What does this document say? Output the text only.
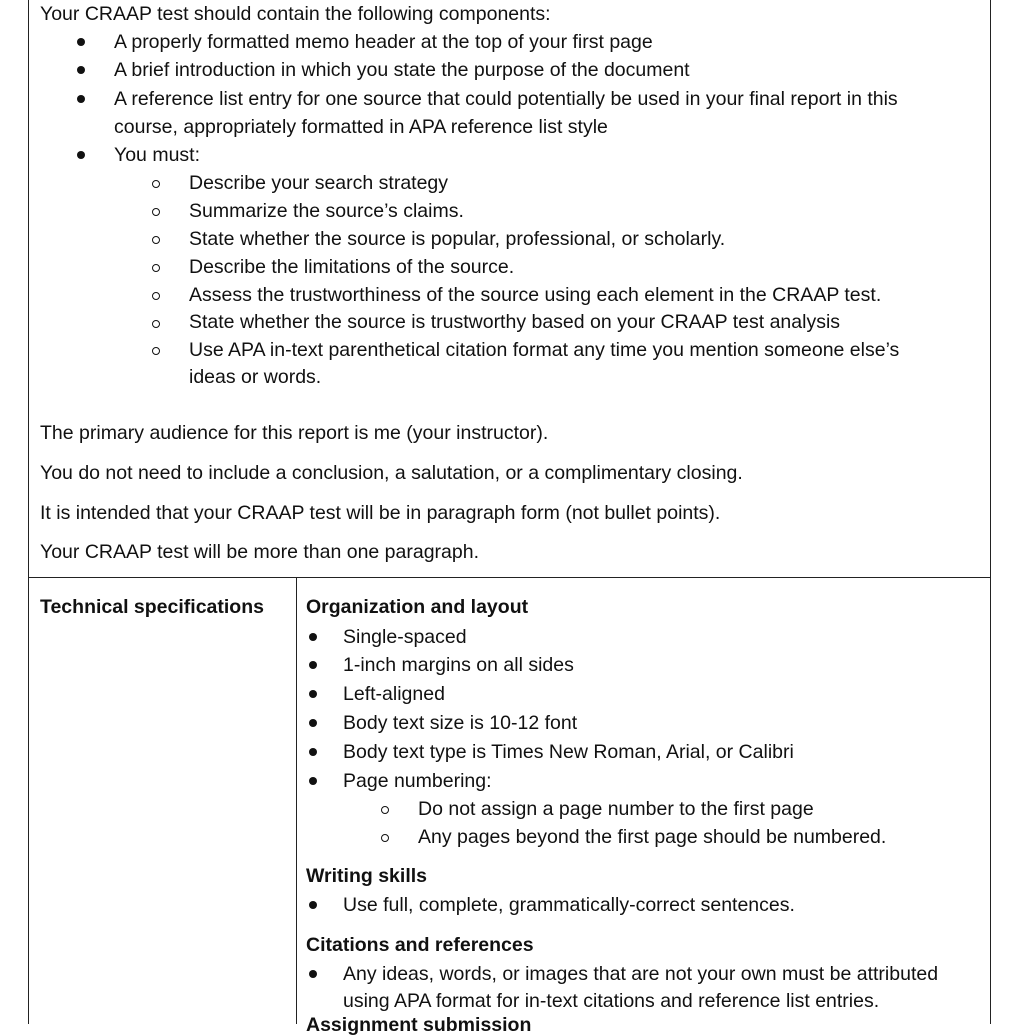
Your CRAAP test should contain the following components:
A properly formatted memo header at the top of your first page
A brief introduction in which you state the purpose of the document
A reference list entry for one source that could potentially be used in your final report in this
course, appropriately formatted in APA reference list style
You must:
Describe your search strategy
Summarize the source’s claims.
State whether the source is popular, professional, or scholarly.
Describe the limitations of the source.
Assess the trustworthiness of the source using each element in the CRAAP test.
State whether the source is trustworthy based on your CRAAP test analysis
Use APA in-text parenthetical citation format any time you mention someone else’s
ideas or words.
The primary audience for this report is me (your instructor).
You do not need to include a conclusion, a salutation, or a complimentary closing.
It is intended that your CRAAP test will be in paragraph form (not bullet points).
Your CRAAP test will be more than one paragraph.
Technical specifications Organization and layout
Single-spaced
1-inch margins on all sides
Left-aligned
Body text size is 10-12 font
Body text type is Times New Roman, Arial, or Calibri
Page numbering:
Do not assign a page number to the first page
Any pages beyond the first page should be numbered.
Writing skills
Use full, complete, grammatically-correct sentences.
Citations and references
Any ideas, words, or images that are not your own must be attributed
using APA format for in-text citations and reference list entries.
Assignment submission
